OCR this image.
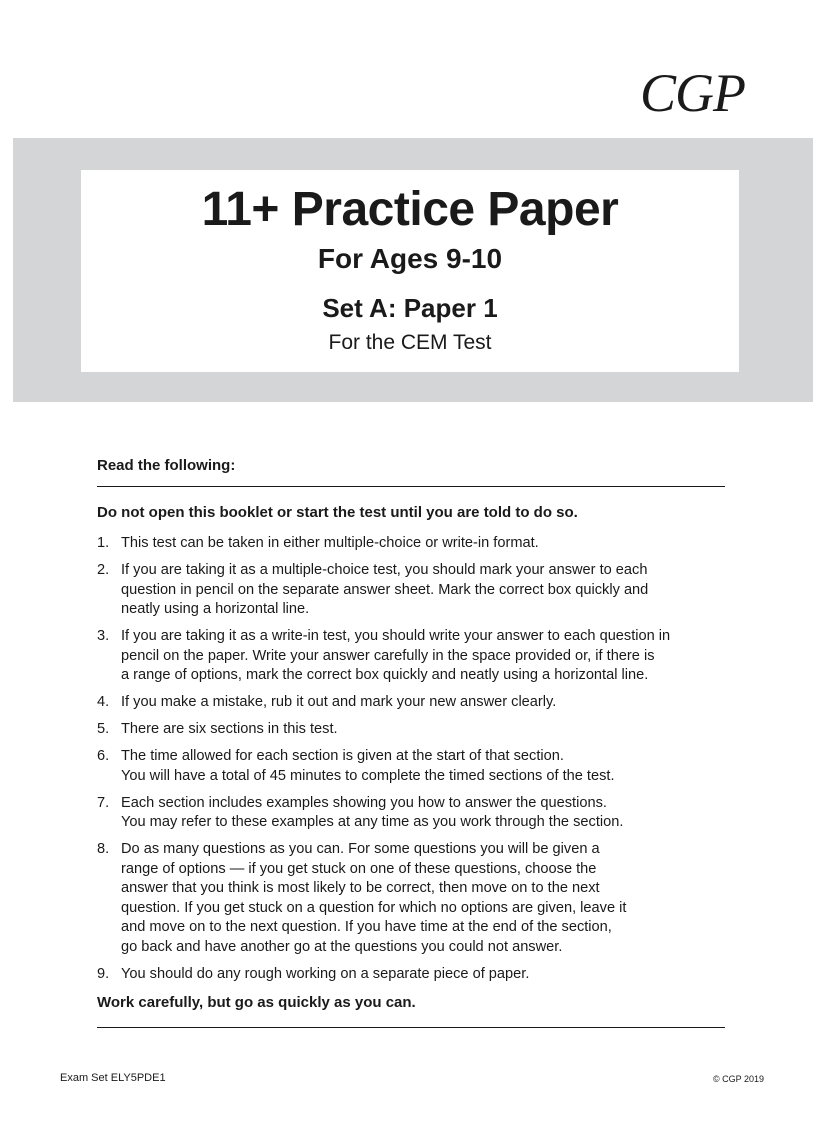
CGP
11+ Practice Paper
For Ages 9-10
Set A: Paper 1
For the CEM Test
Read the following:
Do not open this booklet or start the test until you are told to do so.
1. This test can be taken in either multiple-choice or write-in format.
2. If you are taking it as a multiple-choice test, you should mark your answer to each
question in pencil on the separate answer sheet. Mark the correct box quickly and
neatly using a horizontal line.
3. If you are taking it as a write-in test, you should write your answer to each question in
pencil on the paper. Write your answer carefully in the space provided or, if there is
a range of options, mark the correct box quickly and neatly using a horizontal line.
4. If you make a mistake, rub it out and mark your new answer clearly.
5. There are six sections in this test.
6. The time allowed for each section is given at the start of that section.
You will have a total of 45 minutes to complete the timed sections of the test.
7. Each section includes examples showing you how to answer the questions.
You may refer to these examples at any time as you work through the section.
8. Do as many questions as you can. For some questions you will be given a
range of options — if you get stuck on one of these questions, choose the
answer that you think is most likely to be correct, then move on to the next
question. If you get stuck on a question for which no options are given, leave it
and move on to the next question. If you have time at the end of the section,
go back and have another go at the questions you could not answer.
9. You should do any rough working on a separate piece of paper.
Work carefully, but go as quickly as you can.
Exam Set ELY5PDE1	© CGP 2019
